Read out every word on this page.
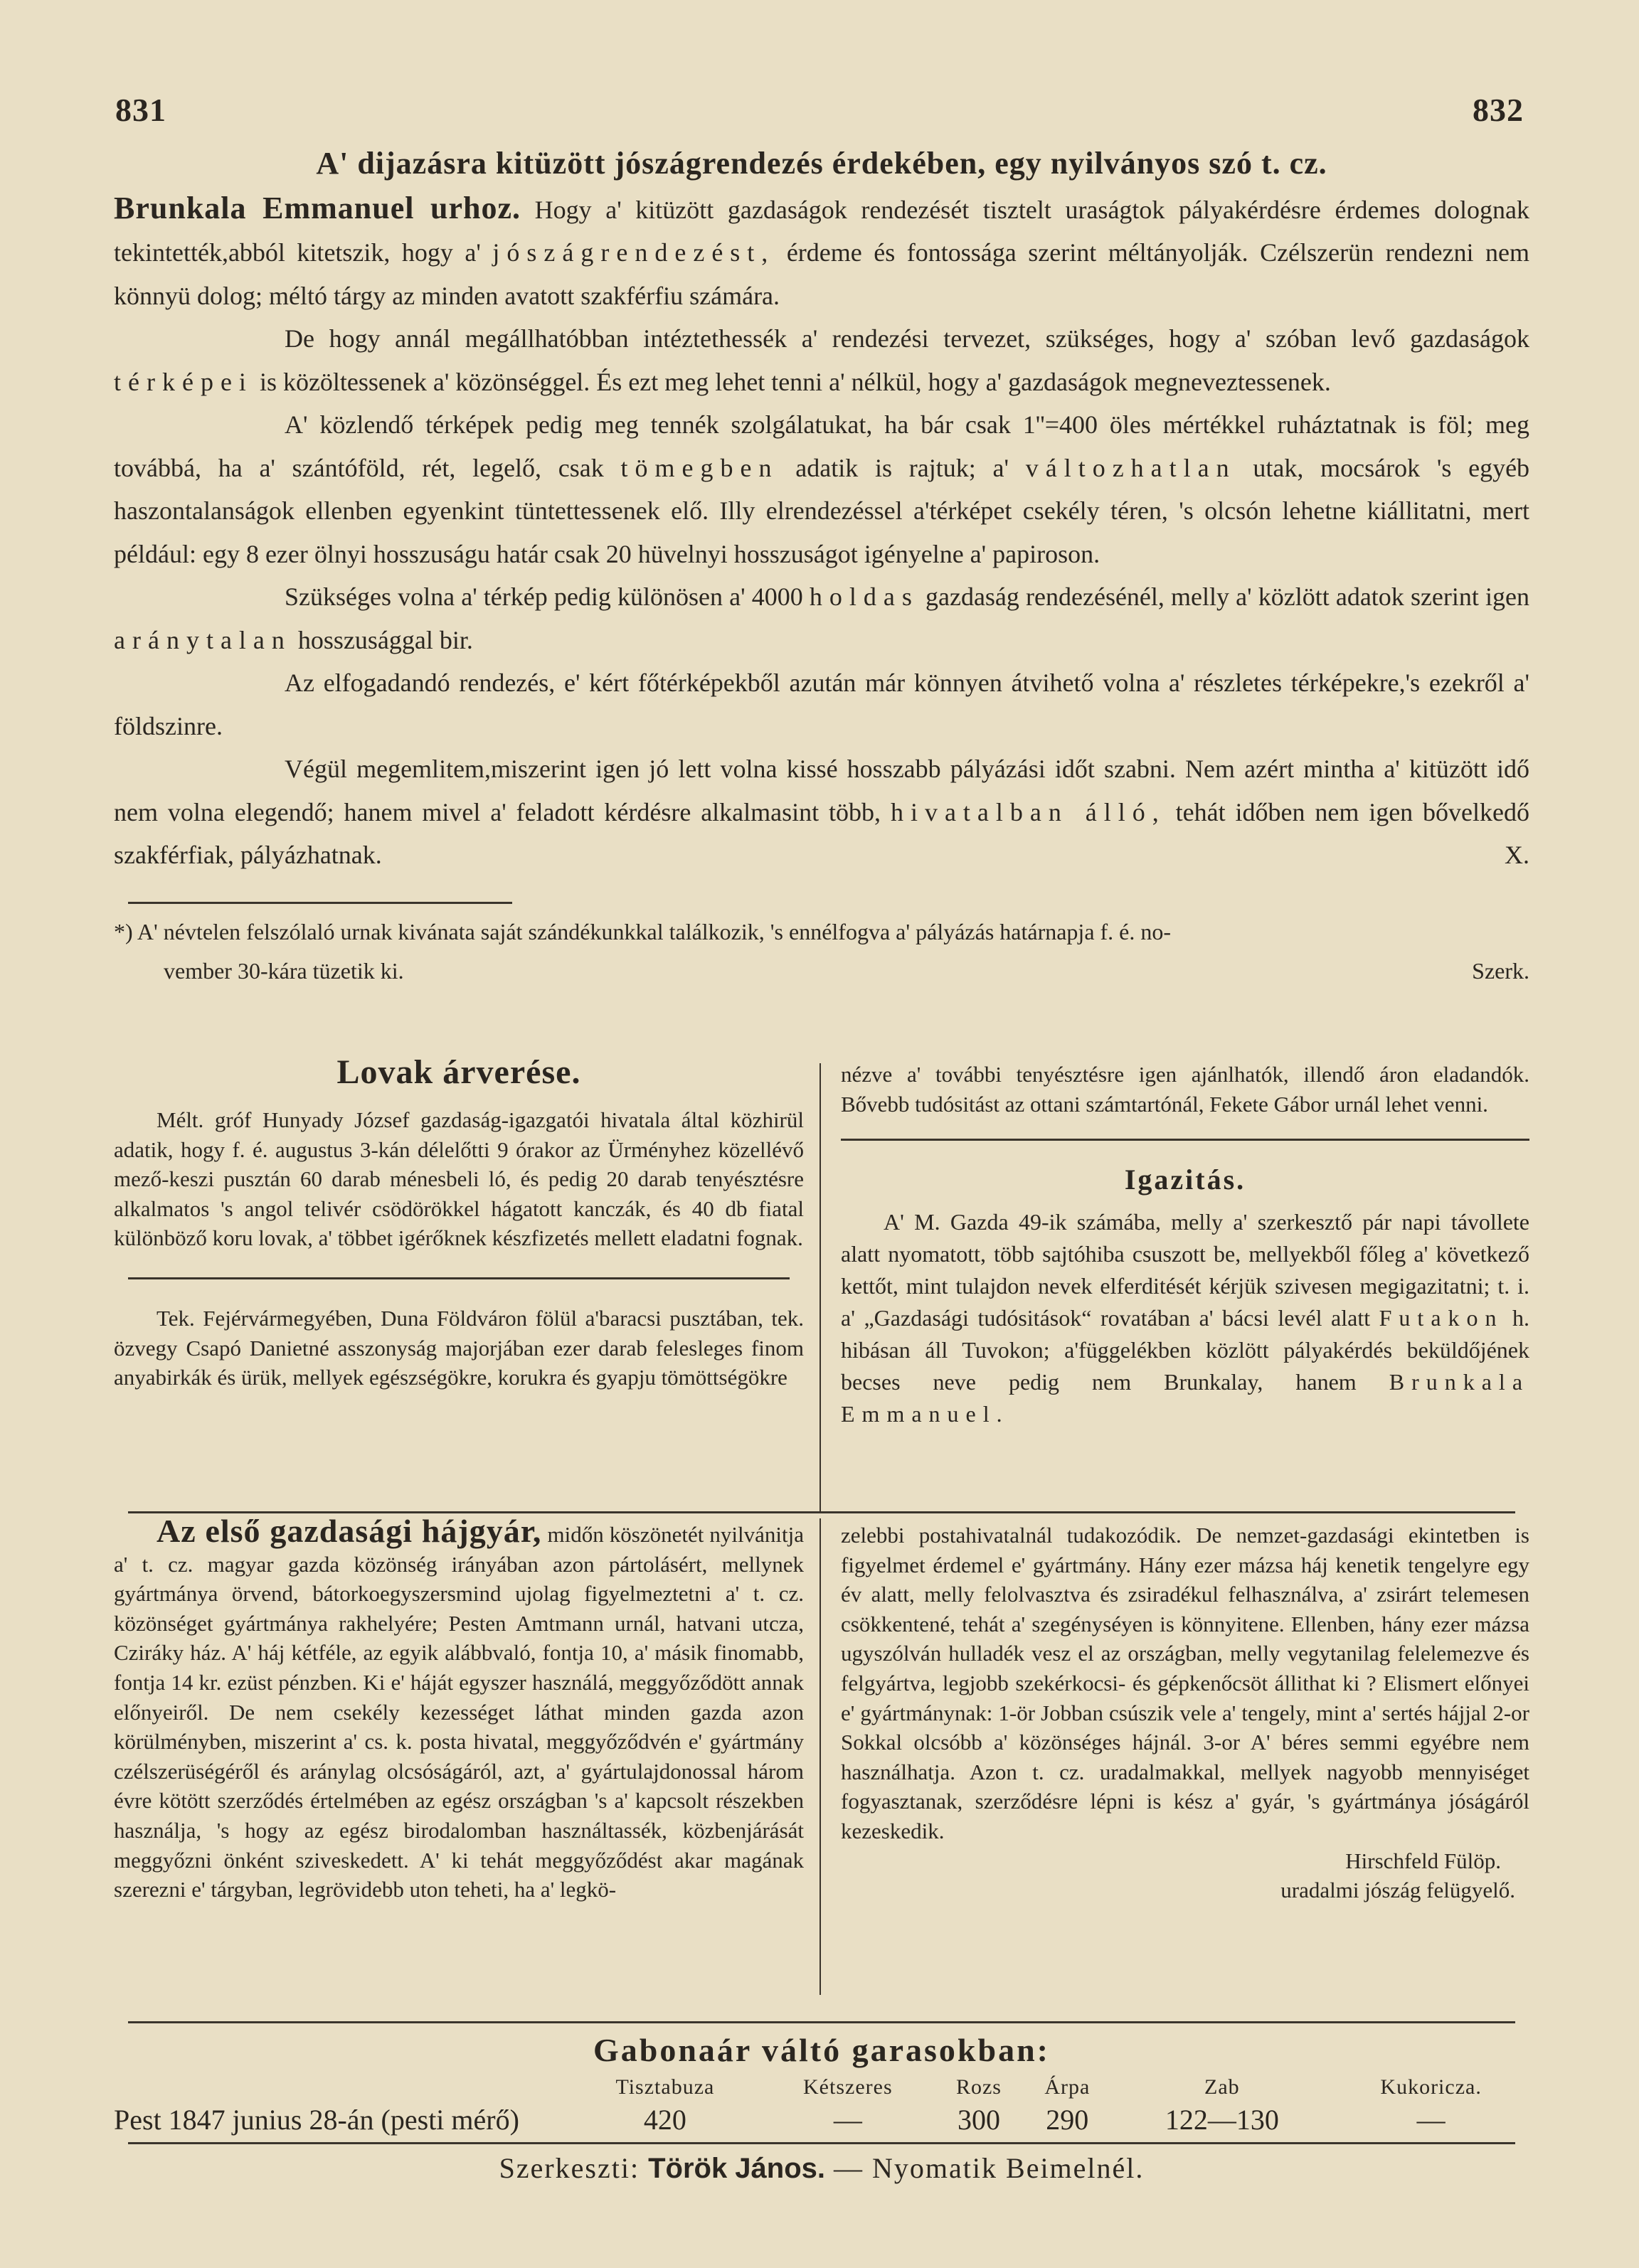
831	832

A' dijazásra kitüzött jószágrendezés érdekében, egy nyilványos szó t. cz.

Brunkala Emmanuel urhoz. Hogy a' kitüzött gazdaságok rendezését tisztelt uraságtok pályakérdésre érdemes dolognak tekintették,abból kitetszik, hogy a' jószágrendezést, érdeme és fontossága szerint méltányolják. Czélszerün rendezni nem könnyü dolog; méltó tárgy az minden avatott szakférfiu számára.

De hogy annál megállhatóbban intéztethessék a' rendezési tervezet, szükséges, hogy a' szóban levő gazdaságok térképei is közöltessenek a' közönséggel. És ezt meg lehet tenni a' nélkül, hogy a' gazdaságok megneveztessenek.

A' közlendő térképek pedig meg tennék szolgálatukat, ha bár csak 1''=400 öles mértékkel ruháztatnak is föl; meg továbbá, ha a' szántóföld, rét, legelő, csak tömegben adatik is rajtuk; a' változhatlan utak, mocsárok 's egyéb haszontalanságok ellenben egyenkint tüntettessenek elő. Illy elrendezéssel a'térképet csekély téren, 's olcsón lehetne kiállitatni, mert például: egy 8 ezer ölnyi hosszuságu határ csak 20 hüvelnyi hosszuságot igényelne a' papiroson.

Szükséges volna a' térkép pedig különösen a' 4000 holdas gazdaság rendezésénél, melly a' közlött adatok szerint igen aránytalan hosszusággal bir.

Az elfogadandó rendezés, e' kért főtérképekből azután már könnyen átvihető volna a' részletes térképekre,'s ezekről a' földszinre.

Végül megemlitem,miszerint igen jó lett volna kissé hosszabb pályázási időt szabni. Nem azért mintha a' kitüzött idő nem volna elegendő; hanem mivel a' feladott kérdésre alkalmasint több, hivatalban álló, tehát időben nem igen bővelkedő szakférfiak, pályázhatnak.	X.

*) A' névtelen felszólaló urnak kivánata saját szándékunkkal találkozik, 's ennélfogva a' pályázás határnapja f. é. no-
vember 30-kára tüzetik ki.	Szerk.
Lovak árverése.

Mélt. gróf Hunyady József gazdaság-igazgatói hivatala által közhirül adatik, hogy f. é. augustus 3-kán délelőtti 9 órakor az Ürményhez közellévő mező-keszi pusztán 60 darab ménesbeli ló, és pedig 20 darab tenyésztésre alkalmatos 's angol telivér csödörökkel hágatott kanczák, és 40 db fiatal különböző koru lovak, a' többet igérőknek készfizetés mellett eladatni fognak.

Tek. Fejérvármegyében, Duna Földváron fölül a'baracsi pusztában, tek. özvegy Csapó Danietné asszonyság majorjában ezer darab felesleges finom anyabirkák és ürük, mellyek egészségökre, korukra és gyapju tömöttségökre

nézve a' további tenyésztésre igen ajánlhatók, illendő áron eladandók. Bővebb tudósitást az ottani számtartónál, Fekete Gábor urnál lehet venni.

Igazitás.

A' M. Gazda 49-ik számába, melly a' szerkesztő pár napi távollete alatt nyomatott, több sajtóhiba csuszott be, mellyekből főleg a' következő kettőt, mint tulajdon nevek elferditését kérjük szivesen megigazitatni; t. i. a' „Gazdasági tudósitások“ rovatában a' bácsi levél alatt Futakon h. hibásan áll Tuvokon; a'függelékben közlött pályakérdés beküldőjének becses neve pedig nem Brunkalay, hanem Brunkala Emmanuel.

Az első gazdasági hájgyár, midőn köszönetét nyilvánitja a' t. cz. magyar gazda közönség irányában azon pártolásért, mellynek gyártmánya örvend, bátorkoegyszersmind ujolag figyelmeztetni a' t. cz. közönséget gyártmánya rakhelyére; Pesten Amtmann urnál, hatvani utcza, Cziráky ház. A' háj kétféle, az egyik alábbvaló, fontja 10, a' másik finomabb, fontja 14 kr. ezüst pénzben. Ki e' háját egyszer használá, meggyőződött annak előnyeiről. De nem csekély kezességet láthat minden gazda azon körülményben, miszerint a' cs. k. posta hivatal, meggyőződvén e' gyártmány czélszerüségéről és aránylag olcsóságáról, azt, a' gyártulajdonossal három évre kötött szerződés értelmében az egész országban 's a' kapcsolt részekben használja, 's hogy az egész birodalomban használtassék, közbenjárását meggyőzni önként sziveskedett. A' ki tehát meggyőződést akar magának szerezni e' tárgyban, legrövidebb uton teheti, ha a' legkö-

zelebbi postahivatalnál tudakozódik. De nemzet-gazdasági ekintetben is figyelmet érdemel e' gyártmány. Hány ezer mázsa háj kenetik tengelyre egy év alatt, melly felolvasztva és zsiradékul felhasználva, a' zsirárt telemesen csökkentené, tehát a' szegényséyen is könnyitene. Ellenben, hány ezer mázsa ugyszólván hulladék vesz el az országban, melly vegytanilag felelemezve és felgyártva, legjobb szekérkocsi- és gépkenőcsöt állithat ki ? Elismert előnyei e' gyártmánynak: 1-ör Jobban csúszik vele a' tengely, mint a' sertés hájjal 2-or Sokkal olcsóbb a' közönséges hájnál. 3-or A' béres semmi egyébre nem használhatja. Azon t. cz. uradalmakkal, mellyek nagyobb mennyiséget fogyasztanak, szerződésre lépni is kész a' gyár, 's gyártmánya jóságáról kezeskedik.

Hirschfeld Fülöp.

uradalmi jószág felügyelő.

Gabonaár váltó garasokban:
	Tisztabuza	Kétszeres	Rozs	Árpa	Zab	Kukoricza.
Pest 1847 junius 28-án (pesti mérő)	420	—	300	290	122—130	—
Szerkeszti: Török János. — Nyomatik Beimelnél.
